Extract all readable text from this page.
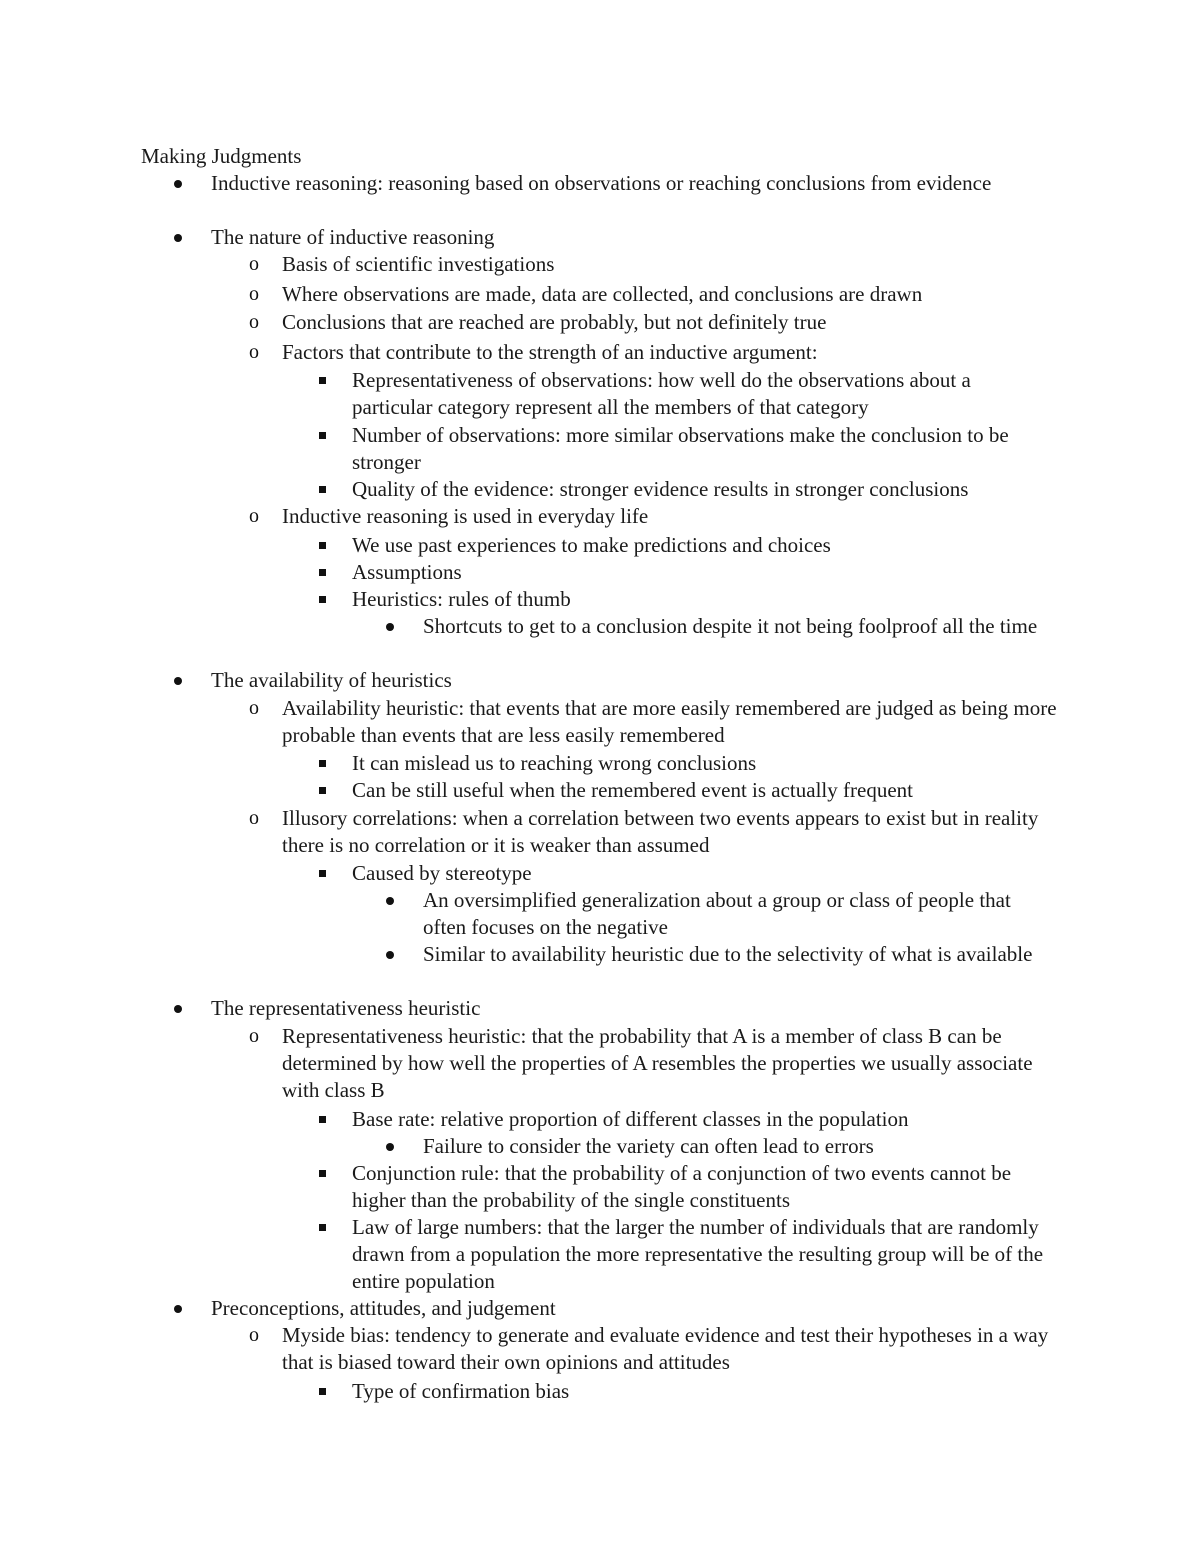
Making Judgments
Inductive reasoning: reasoning based on observations or reaching conclusions from evidence
The nature of inductive reasoning
o Basis of scientific investigations
o Where observations are made, data are collected, and conclusions are drawn
o Conclusions that are reached are probably, but not definitely true
o Factors that contribute to the strength of an inductive argument:
Representativeness of observations: how well do the observations about a particular category represent all the members of that category
Number of observations: more similar observations make the conclusion to be stronger
Quality of the evidence: stronger evidence results in stronger conclusions
o Inductive reasoning is used in everyday life
We use past experiences to make predictions and choices
Assumptions
Heuristics: rules of thumb
Shortcuts to get to a conclusion despite it not being foolproof all the time
The availability of heuristics
o Availability heuristic: that events that are more easily remembered are judged as being more probable than events that are less easily remembered
It can mislead us to reaching wrong conclusions
Can be still useful when the remembered event is actually frequent
o Illusory correlations: when a correlation between two events appears to exist but in reality there is no correlation or it is weaker than assumed
Caused by stereotype
An oversimplified generalization about a group or class of people that often focuses on the negative
Similar to availability heuristic due to the selectivity of what is available
The representativeness heuristic
o Representativeness heuristic: that the probability that A is a member of class B can be determined by how well the properties of A resembles the properties we usually associate with class B
Base rate: relative proportion of different classes in the population
Failure to consider the variety can often lead to errors
Conjunction rule: that the probability of a conjunction of two events cannot be higher than the probability of the single constituents
Law of large numbers: that the larger the number of individuals that are randomly drawn from a population the more representative the resulting group will be of the entire population
Preconceptions, attitudes, and judgement
o Myside bias: tendency to generate and evaluate evidence and test their hypotheses in a way that is biased toward their own opinions and attitudes
Type of confirmation bias
